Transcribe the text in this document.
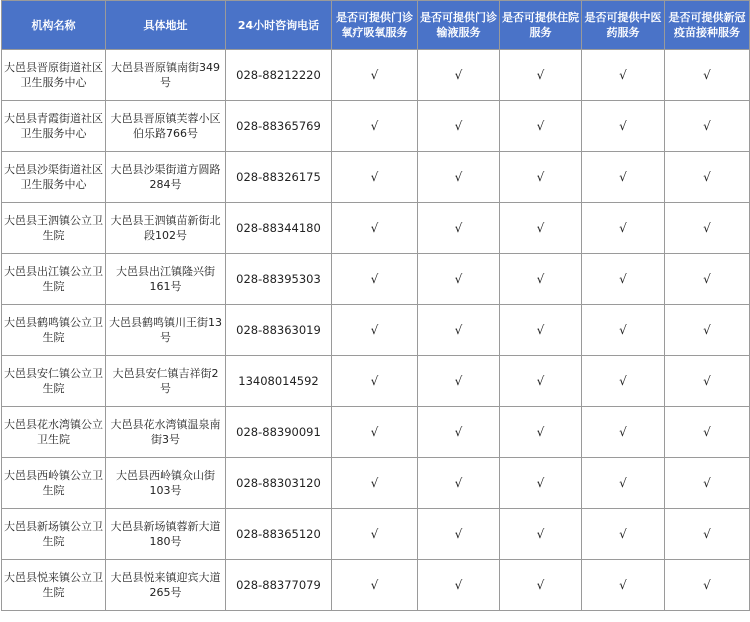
机构名称	具体地址	24小时咨询电话	是否可提供门诊氧疗吸氧服务	是否可提供门诊输液服务	是否可提供住院服务	是否可提供中医药服务	是否可提供新冠疫苗接种服务
大邑县晋原街道社区卫生服务中心	大邑县晋原镇南街349号	028-88212220	√	√	√	√	√
大邑县青霞街道社区卫生服务中心	大邑县晋原镇芙蓉小区伯乐路766号	028-88365769	√	√	√	√	√
大邑县沙渠街道社区卫生服务中心	大邑县沙渠街道方圆路284号	028-88326175	√	√	√	√	√
大邑县王泗镇公立卫生院	大邑县王泗镇苗新街北段102号	028-88344180	√	√	√	√	√
大邑县出江镇公立卫生院	大邑县出江镇隆兴街161号	028-88395303	√	√	√	√	√
大邑县鹤鸣镇公立卫生院	大邑县鹤鸣镇川王街13号	028-88363019	√	√	√	√	√
大邑县安仁镇公立卫生院	大邑县安仁镇吉祥街2号	13408014592	√	√	√	√	√
大邑县花水湾镇公立卫生院	大邑县花水湾镇温泉南街3号	028-88390091	√	√	√	√	√
大邑县西岭镇公立卫生院	大邑县西岭镇众山街103号	028-88303120	√	√	√	√	√
大邑县新场镇公立卫生院	大邑县新场镇蓉新大道180号	028-88365120	√	√	√	√	√
大邑县悦来镇公立卫生院	大邑县悦来镇迎宾大道265号	028-88377079	√	√	√	√	√
